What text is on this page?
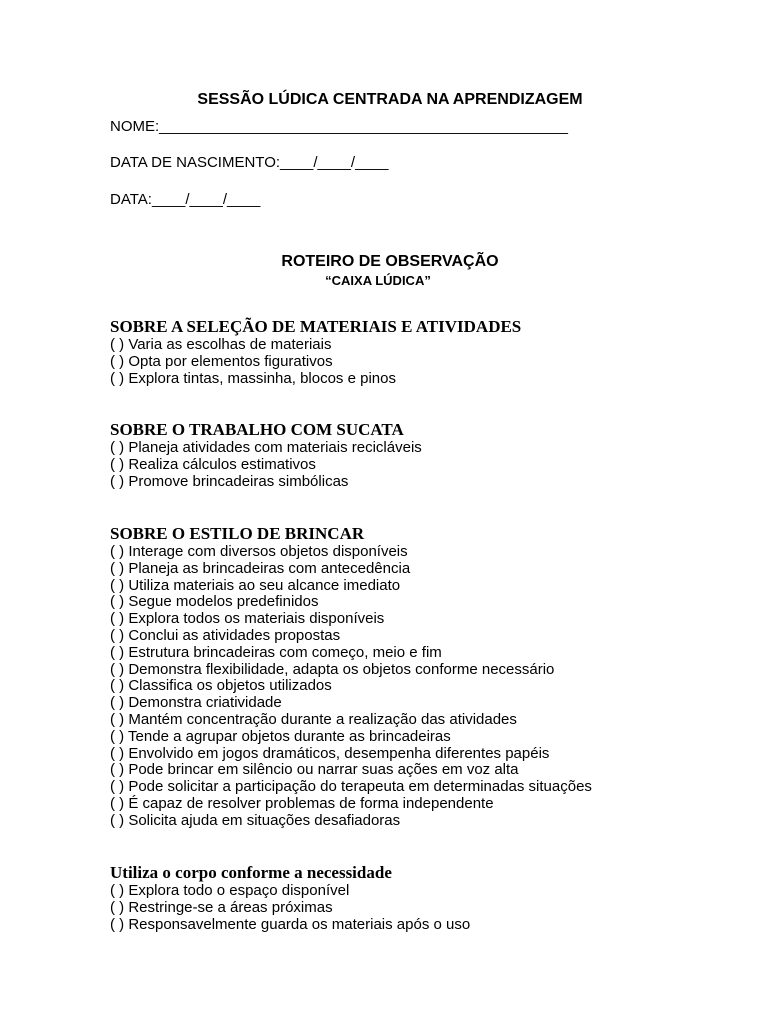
SESSÃO LÚDICA CENTRADA NA APRENDIZAGEM
NOME:_________________________________________________
DATA DE NASCIMENTO:____/____/____
DATA:____/____/____
ROTEIRO DE OBSERVAÇÃO
“CAIXA LÚDICA”
SOBRE A SELEÇÃO DE MATERIAIS E ATIVIDADES
( ) Varia as escolhas de materiais
( ) Opta por elementos figurativos
( ) Explora tintas, massinha, blocos e pinos
SOBRE O TRABALHO COM SUCATA
( ) Planeja atividades com materiais recicláveis
( ) Realiza cálculos estimativos
( ) Promove brincadeiras simbólicas
SOBRE O ESTILO DE BRINCAR
( ) Interage com diversos objetos disponíveis
( ) Planeja as brincadeiras com antecedência
( ) Utiliza materiais ao seu alcance imediato
( ) Segue modelos predefinidos
( ) Explora todos os materiais disponíveis
( ) Conclui as atividades propostas
( ) Estrutura brincadeiras com começo, meio e fim
( ) Demonstra flexibilidade, adapta os objetos conforme necessário
( ) Classifica os objetos utilizados
( ) Demonstra criatividade
( ) Mantém concentração durante a realização das atividades
( ) Tende a agrupar objetos durante as brincadeiras
( ) Envolvido em jogos dramáticos, desempenha diferentes papéis
( ) Pode brincar em silêncio ou narrar suas ações em voz alta
( ) Pode solicitar a participação do terapeuta em determinadas situações
( ) É capaz de resolver problemas de forma independente
( ) Solicita ajuda em situações desafiadoras
Utiliza o corpo conforme a necessidade
( ) Explora todo o espaço disponível
( ) Restringe-se a áreas próximas
( ) Responsavelmente guarda os materiais após o uso
